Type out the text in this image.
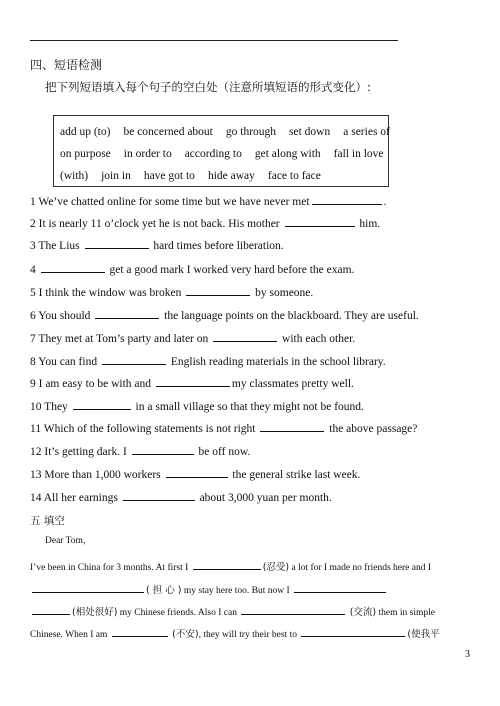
四、短语检测
把下列短语填入每个句子的空白处（注意所填短语的形式变化）:
add up (to) be concerned about go through set down a series of
on purpose in order to according to get along with fall in love
(with) join in have got to hide away face to face
1 We’ve chatted online for some time but we have never met	.
2 It is nearly 11 o’clock yet he is not back. His mother	him.
3 The Lius	hard times before liberation.
4	get a good mark I worked very hard before the exam.
5 I think the window was broken	by someone.
6 You should	the language points on the blackboard. They are useful.
7 They met at Tom’s party and later on	with each other.
8 You can find	English reading materials in the school library.
9 I am easy to be with and	my classmates pretty well.
10 They	in a small village so that they might not be found.
11 Which of the following statements is not right	the above passage?
12 It’s getting dark. I	be off now.
13 More than 1,000 workers	the general strike last week.
14 All her earnings	about 3,000 yuan per month.
五 填空
Dear Tom,
I’ve been in China for 3 months. At first I	(忍受) a lot for I made no friends here and I
( 担 心 ) my stay here too. But now I
(相处很好) my Chinese friends. Also I can	(交流) them in simple
Chinese. When I am	(不安), they will try their best to	(使我平
3
